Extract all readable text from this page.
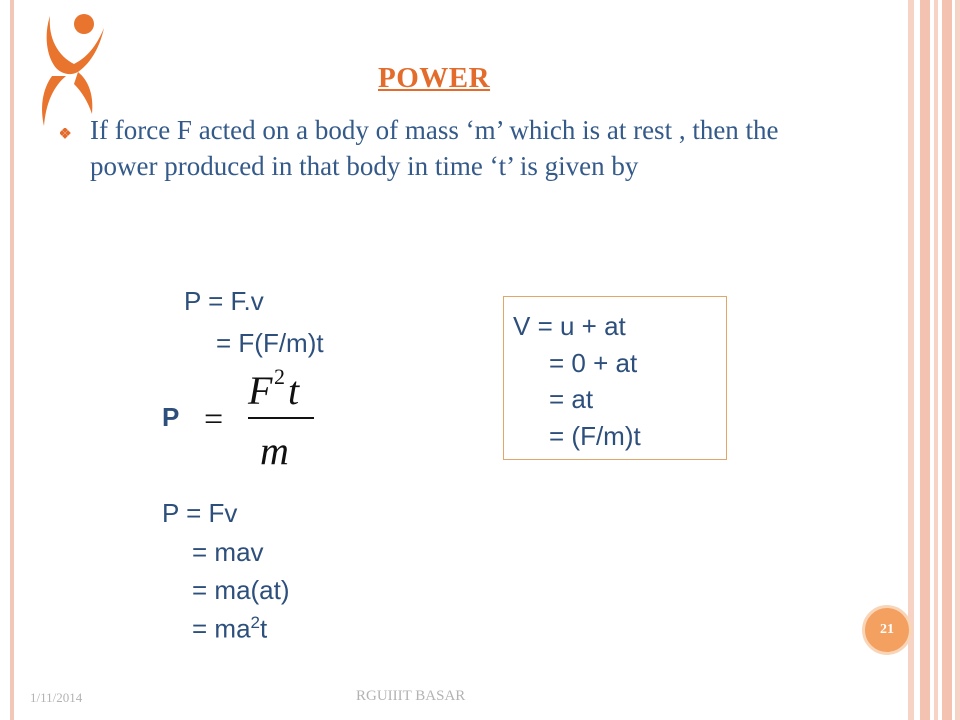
POWER
If force F acted on a body of mass ‘m’ which is at rest , then the power produced in that body in time ‘t’ is given by
P = F.v
= F(F/m)t
P =
F 2 t
m
V = u + at
= 0 + at
= at
= (F/m)t
P = Fv
= mav
= ma(at)
= $ma^2t$	21
1/11/2014	RGUIIIT BASAR
